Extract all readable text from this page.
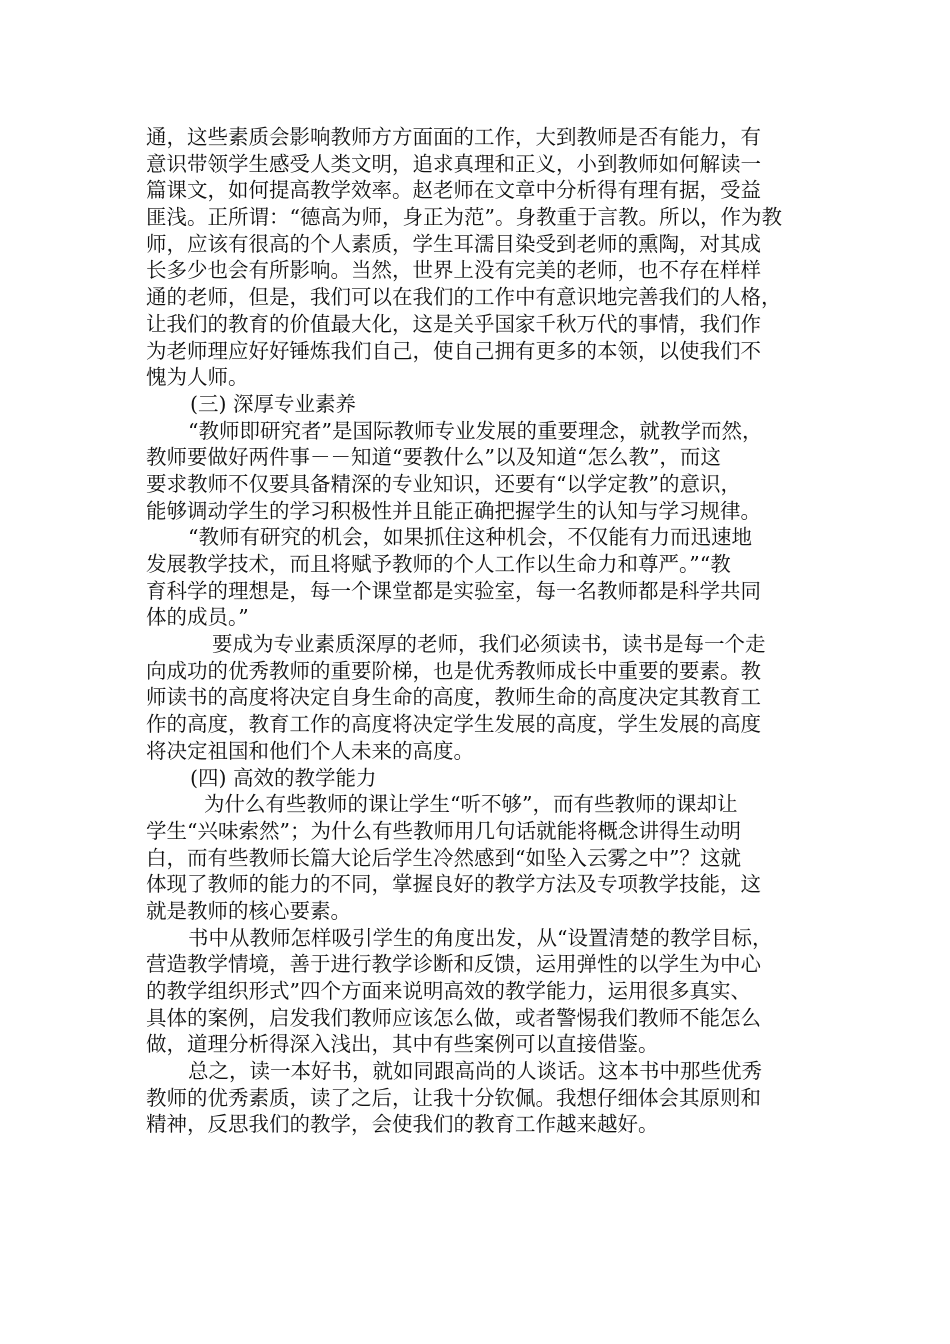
通，这些素质会影响教师方方面面的工作，大到教师是否有能力，有
意识带领学生感受人类文明，追求真理和正义，小到教师如何解读一
篇课文，如何提高教学效率。赵老师在文章中分析得有理有据，受益
匪浅。正所谓：“德高为师，身正为范”。身教重于言教。所以，作为教
师，应该有很高的个人素质，学生耳濡目染受到老师的熏陶，对其成
长多少也会有所影响。当然，世界上没有完美的老师，也不存在样样
通的老师，但是，我们可以在我们的工作中有意识地完善我们的人格，
让我们的教育的价值最大化，这是关乎国家千秋万代的事情，我们作
为老师理应好好锤炼我们自己，使自己拥有更多的本领，以使我们不
愧为人师。
(三) 深厚专业素养
“教师即研究者”是国际教师专业发展的重要理念，就教学而然，
教师要做好两件事－－知道“要教什么”以及知道“怎么教”，而这
要求教师不仅要具备精深的专业知识，还要有“以学定教”的意识，
能够调动学生的学习积极性并且能正确把握学生的认知与学习规律。
“教师有研究的机会，如果抓住这种机会，不仅能有力而迅速地
发展教学技术，而且将赋予教师的个人工作以生命力和尊严。”“教
育科学的理想是，每一个课堂都是实验室，每一名教师都是科学共同
体的成员。”
要成为专业素质深厚的老师，我们必须读书，读书是每一个走
向成功的优秀教师的重要阶梯，也是优秀教师成长中重要的要素。教
师读书的高度将决定自身生命的高度，教师生命的高度决定其教育工
作的高度，教育工作的高度将决定学生发展的高度，学生发展的高度
将决定祖国和他们个人未来的高度。
(四) 高效的教学能力
为什么有些教师的课让学生“听不够”，而有些教师的课却让
学生“兴味索然”；为什么有些教师用几句话就能将概念讲得生动明
白，而有些教师长篇大论后学生冷然感到“如坠入云雾之中”？这就
体现了教师的能力的不同，掌握良好的教学方法及专项教学技能，这
就是教师的核心要素。
书中从教师怎样吸引学生的角度出发，从“设置清楚的教学目标，
营造教学情境，善于进行教学诊断和反馈，运用弹性的以学生为中心
的教学组织形式”四个方面来说明高效的教学能力，运用很多真实、
具体的案例，启发我们教师应该怎么做，或者警惕我们教师不能怎么
做，道理分析得深入浅出，其中有些案例可以直接借鉴。
总之，读一本好书，就如同跟高尚的人谈话。这本书中那些优秀
教师的优秀素质，读了之后，让我十分钦佩。我想仔细体会其原则和
精神，反思我们的教学，会使我们的教育工作越来越好。
